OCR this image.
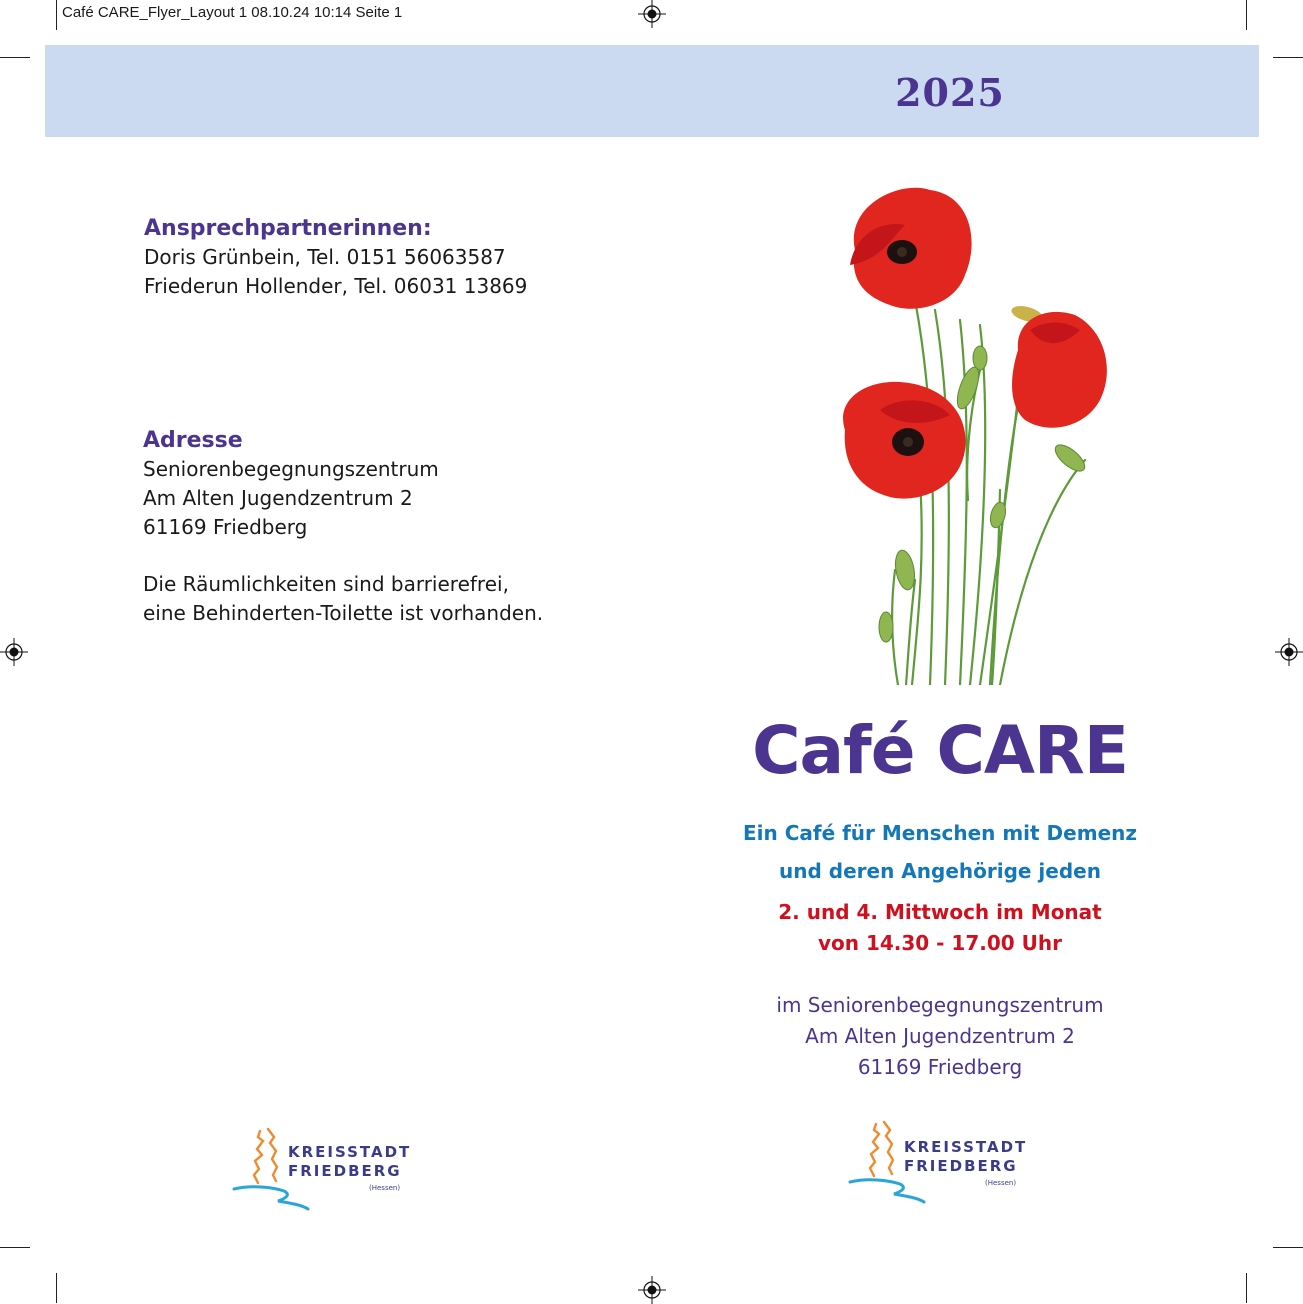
Café CARE_Flyer_Layout 1 08.10.24 10:14 Seite 1
2025
Ansprechpartnerinnen:
Doris Grünbein, Tel. 0151 56063587
Friederun Hollender, Tel. 06031 13869
Adresse
Seniorenbegegnungszentrum
Am Alten Jugendzentrum 2
61169 Friedberg
Die Räumlichkeiten sind barrierefrei,
eine Behinderten-Toilette ist vorhanden.
Café CARE
Ein Café für Menschen mit Demenz
und deren Angehörige jeden
2. und 4. Mittwoch im Monat
von 14.30 - 17.00 Uhr
im Seniorenbegegnungszentrum
Am Alten Jugendzentrum 2
61169 Friedberg
KREISSTADT
FRIEDBERG
(Hessen)
KREISSTADT
FRIEDBERG
(Hessen)
